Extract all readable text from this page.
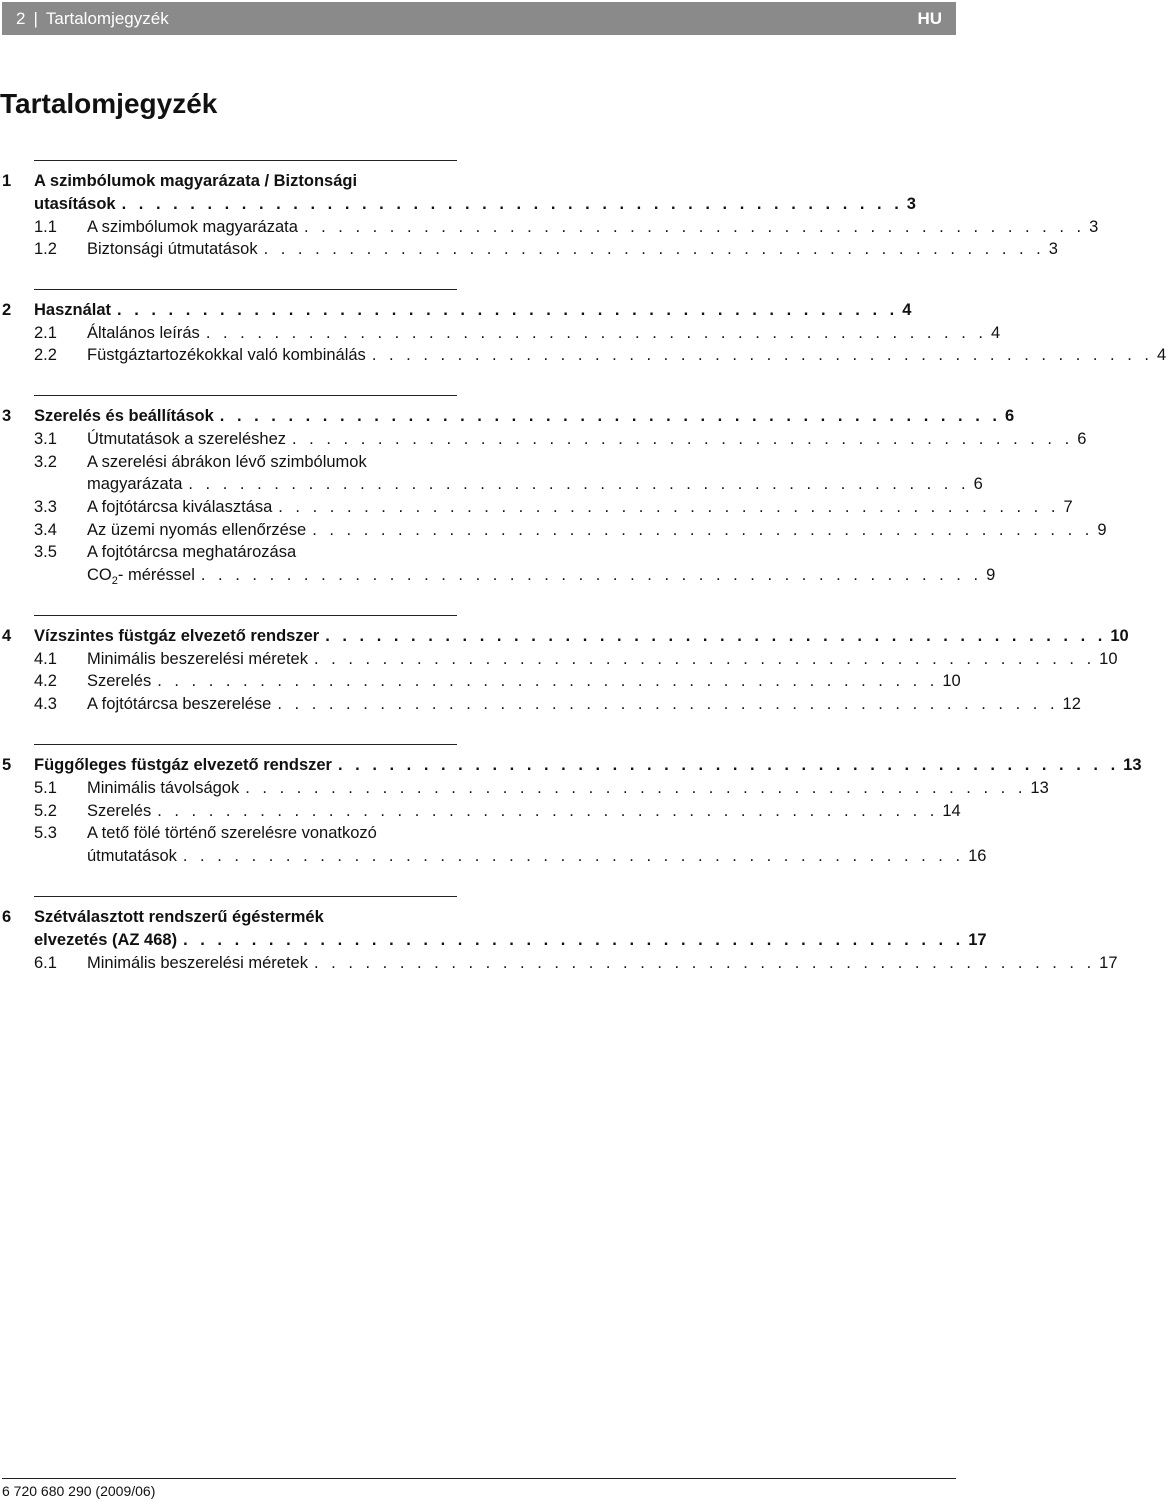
2 | Tartalomjegyzék	HU
Tartalomjegyzék
A szimbólumok magyarázata / Biztonsági
1
utasítások . . . . . . . . . . . . . . . . . . . . . . . . . . . . . . . . . . . . . . . . . . . . . . 3
1.1 A szimbólumok magyarázata . . . . . . . . . . . . . . . . . . . . . . . . . . . . . . . . . . . . . . . . . . . . . . 3
1.2 Biztonsági útmutatások . . . . . . . . . . . . . . . . . . . . . . . . . . . . . . . . . . . . . . . . . . . . . . 3
2 Használat . . . . . . . . . . . . . . . . . . . . . . . . . . . . . . . . . . . . . . . . . . . . . . 4
2.1 Általános leírás . . . . . . . . . . . . . . . . . . . . . . . . . . . . . . . . . . . . . . . . . . . . . . 4
2.2 Füstgáztartozékokkal való kombinálás . . . . . . . . . . . . . . . . . . . . . . . . . . . . . . . . . . . . . . . . . . . . . . 4
3 Szerelés és beállítások . . . . . . . . . . . . . . . . . . . . . . . . . . . . . . . . . . . . . . . . . . . . . . 6
3.1 Útmutatások a szereléshez . . . . . . . . . . . . . . . . . . . . . . . . . . . . . . . . . . . . . . . . . . . . . . 6
3.2 A szerelési ábrákon lévő szimbólumok
magyarázata . . . . . . . . . . . . . . . . . . . . . . . . . . . . . . . . . . . . . . . . . . . . . . 6
3.3 A fojtótárcsa kiválasztása . . . . . . . . . . . . . . . . . . . . . . . . . . . . . . . . . . . . . . . . . . . . . . 7
3.4 Az üzemi nyomás ellenőrzése . . . . . . . . . . . . . . . . . . . . . . . . . . . . . . . . . . . . . . . . . . . . . . 9
3.5 A fojtótárcsa meghatározása
$CO_2-$ méréssel . . . . . . . . . . . . . . . . . . . . . . . . . . . . . . . . . . . . . . . . . . . . . . 9
4 Vízszintes füstgáz elvezető rendszer . . . . . . . . . . . . . . . . . . . . . . . . . . . . . . . . . . . . . . . . . . . . . . 10
4.1 Minimális beszerelési méretek . . . . . . . . . . . . . . . . . . . . . . . . . . . . . . . . . . . . . . . . . . . . . . 10
4.2 Szerelés . . . . . . . . . . . . . . . . . . . . . . . . . . . . . . . . . . . . . . . . . . . . . . 10
4.3 A fojtótárcsa beszerelése . . . . . . . . . . . . . . . . . . . . . . . . . . . . . . . . . . . . . . . . . . . . . . 12
5 Függőleges füstgáz elvezető rendszer . . . . . . . . . . . . . . . . . . . . . . . . . . . . . . . . . . . . . . . . . . . . . . 13
5.1 Minimális távolságok . . . . . . . . . . . . . . . . . . . . . . . . . . . . . . . . . . . . . . . . . . . . . . 13
5.2 Szerelés . . . . . . . . . . . . . . . . . . . . . . . . . . . . . . . . . . . . . . . . . . . . . . 14
5.3 A tető fölé történő szerelésre vonatkozó
útmutatások . . . . . . . . . . . . . . . . . . . . . . . . . . . . . . . . . . . . . . . . . . . . . . 16
6 Szétválasztott rendszerű égéstermék
elvezetés (AZ 468) . . . . . . . . . . . . . . . . . . . . . . . . . . . . . . . . . . . . . . . . . . . . . . 17
6.1 Minimális beszerelési méretek . . . . . . . . . . . . . . . . . . . . . . . . . . . . . . . . . . . . . . . . . . . . . . 17
6 720 680 290 (2009/06)
